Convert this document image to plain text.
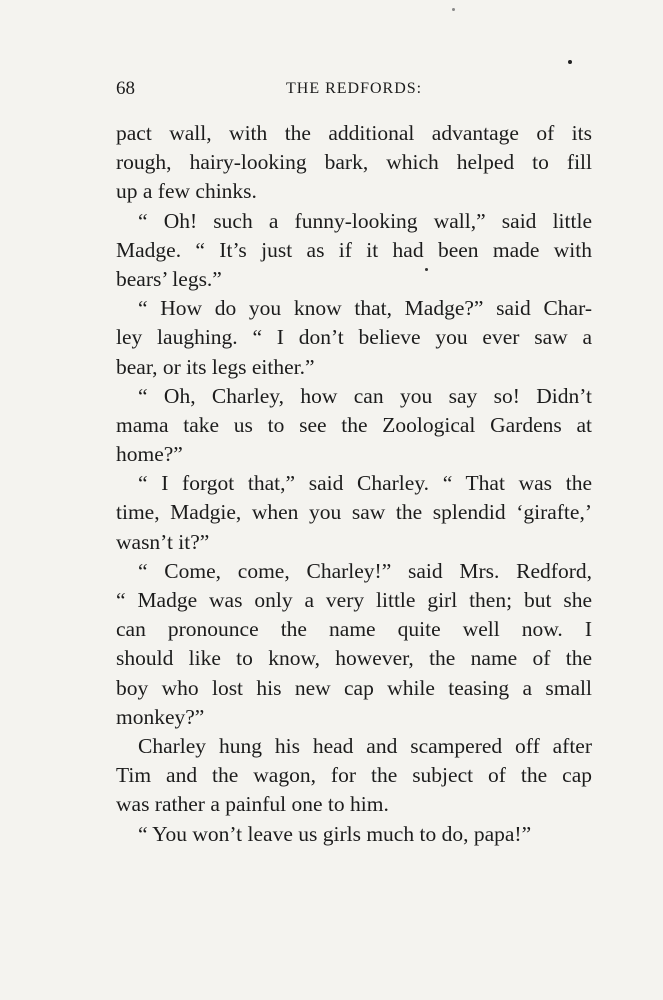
68	THE REDFORDS:
pact wall, with the additional advantage of its
rough, hairy-looking bark, which helped to fill
up a few chinks.
“ Oh! such a funny-looking wall,” said little
Madge. “ It’s just as if it had been made with
bears’ legs.”
“ How do you know that, Madge?” said Char-
ley laughing. “ I don’t believe you ever saw a
bear, or its legs either.”
“ Oh, Charley, how can you say so! Didn’t
mama take us to see the Zoological Gardens at
home?”
“ I forgot that,” said Charley. “ That was the
time, Madgie, when you saw the splendid ‘girafte,’
wasn’t it?”
“ Come, come, Charley!” said Mrs. Redford,
“ Madge was only a very little girl then; but she
can pronounce the name quite well now. I
should like to know, however, the name of the
boy who lost his new cap while teasing a small
monkey?”
Charley hung his head and scampered off after
Tim and the wagon, for the subject of the cap
was rather a painful one to him.
“ You won’t leave us girls much to do, papa!”
